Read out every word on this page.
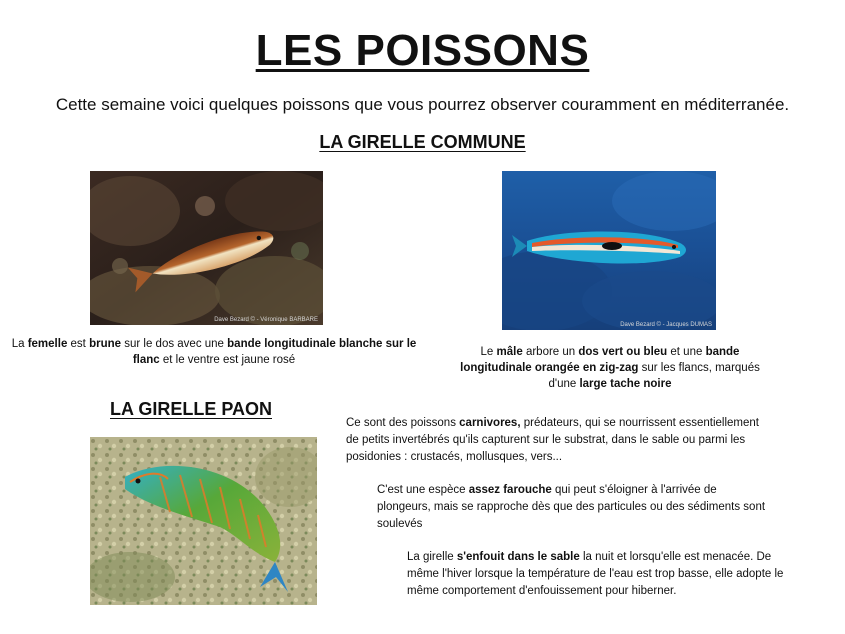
LES POISSONS
Cette semaine voici quelques poissons que vous pourrez observer couramment en méditerranée.
LA GIRELLE COMMUNE
Dave Bezard © - Véronique BARBARE
Dave Bezard © - Jacques DUMAS
La femelle est brune sur le dos avec une bande longitudinale blanche sur le flanc et le ventre est jaune rosé
Le mâle arbore un dos vert ou bleu et une bande longitudinale orangée en zig-zag sur les flancs, marqués d'une large tache noire
LA GIRELLE PAON
Ce sont des poissons carnivores, prédateurs, qui se nourrissent essentiellement de petits invertébrés qu'ils capturent sur le substrat, dans le sable ou parmi les posidonies : crustacés, mollusques, vers...
C'est une espèce assez farouche qui peut s'éloigner à l'arrivée de plongeurs, mais se rapproche dès que des particules ou des sédiments sont soulevés
La girelle s'enfouit dans le sable la nuit et lorsqu'elle est menacée. De même l'hiver lorsque la température de l'eau est trop basse, elle adopte le même comportement d'enfouissement pour hiberner.
